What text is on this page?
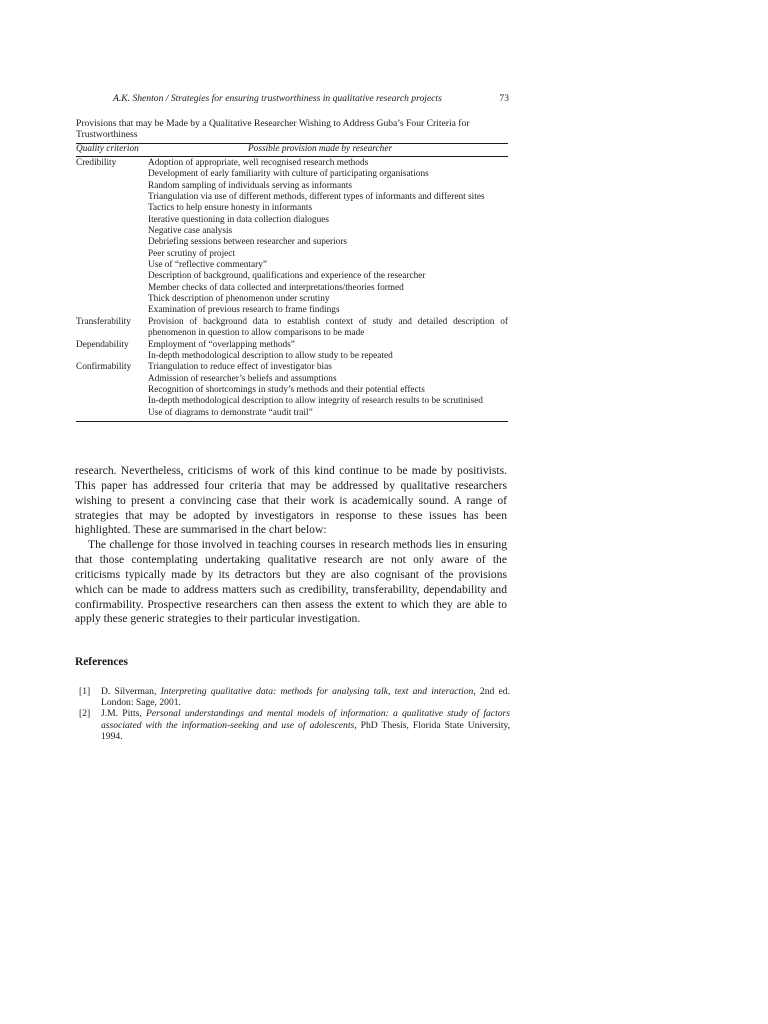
A.K. Shenton / Strategies for ensuring trustworthiness in qualitative research projects	73
Provisions that may be Made by a Qualitative Researcher Wishing to Address Guba’s Four Criteria for Trustworthiness
Quality criterion	Possible provision made by researcher
Credibility	Adoption of appropriate, well recognised research methods
Development of early familiarity with culture of participating organisations
Random sampling of individuals serving as informants
Triangulation via use of different methods, different types of informants and different sites
Tactics to help ensure honesty in informants
Iterative questioning in data collection dialogues
Negative case analysis
Debriefing sessions between researcher and superiors
Peer scrutiny of project
Use of “reflective commentary”
Description of background, qualifications and experience of the researcher
Member checks of data collected and interpretations/theories formed
Thick description of phenomenon under scrutiny
Examination of previous research to frame findings
Transferability	Provision of background data to establish context of study and detailed description of phenomenon in question to allow comparisons to be made
Dependability	Employment of “overlapping methods”
In-depth methodological description to allow study to be repeated
Confirmability	Triangulation to reduce effect of investigator bias
Admission of researcher’s beliefs and assumptions
Recognition of shortcomings in study’s methods and their potential effects
In-depth methodological description to allow integrity of research results to be scrutinised
Use of diagrams to demonstrate “audit trail”

research. Nevertheless, criticisms of work of this kind continue to be made by positivists. This paper has addressed four criteria that may be addressed by qualitative researchers wishing to present a convincing case that their work is academically sound. A range of strategies that may be adopted by investigators in response to these issues has been highlighted. These are summarised in the chart below:

The challenge for those involved in teaching courses in research methods lies in ensuring that those contemplating undertaking qualitative research are not only aware of the criticisms typically made by its detractors but they are also cognisant of the provisions which can be made to address matters such as credibility, transferability, dependability and confirmability. Prospective researchers can then assess the extent to which they are able to apply these generic strategies to their particular investigation.

References
[1]	D. Silverman, Interpreting qualitative data: methods for analysing talk, text and interaction, 2nd ed. London: Sage, 2001.
[2]	J.M. Pitts, Personal understandings and mental models of information: a qualitative study of factors associated with the information-seeking and use of adolescents, PhD Thesis, Florida State University, 1994.
